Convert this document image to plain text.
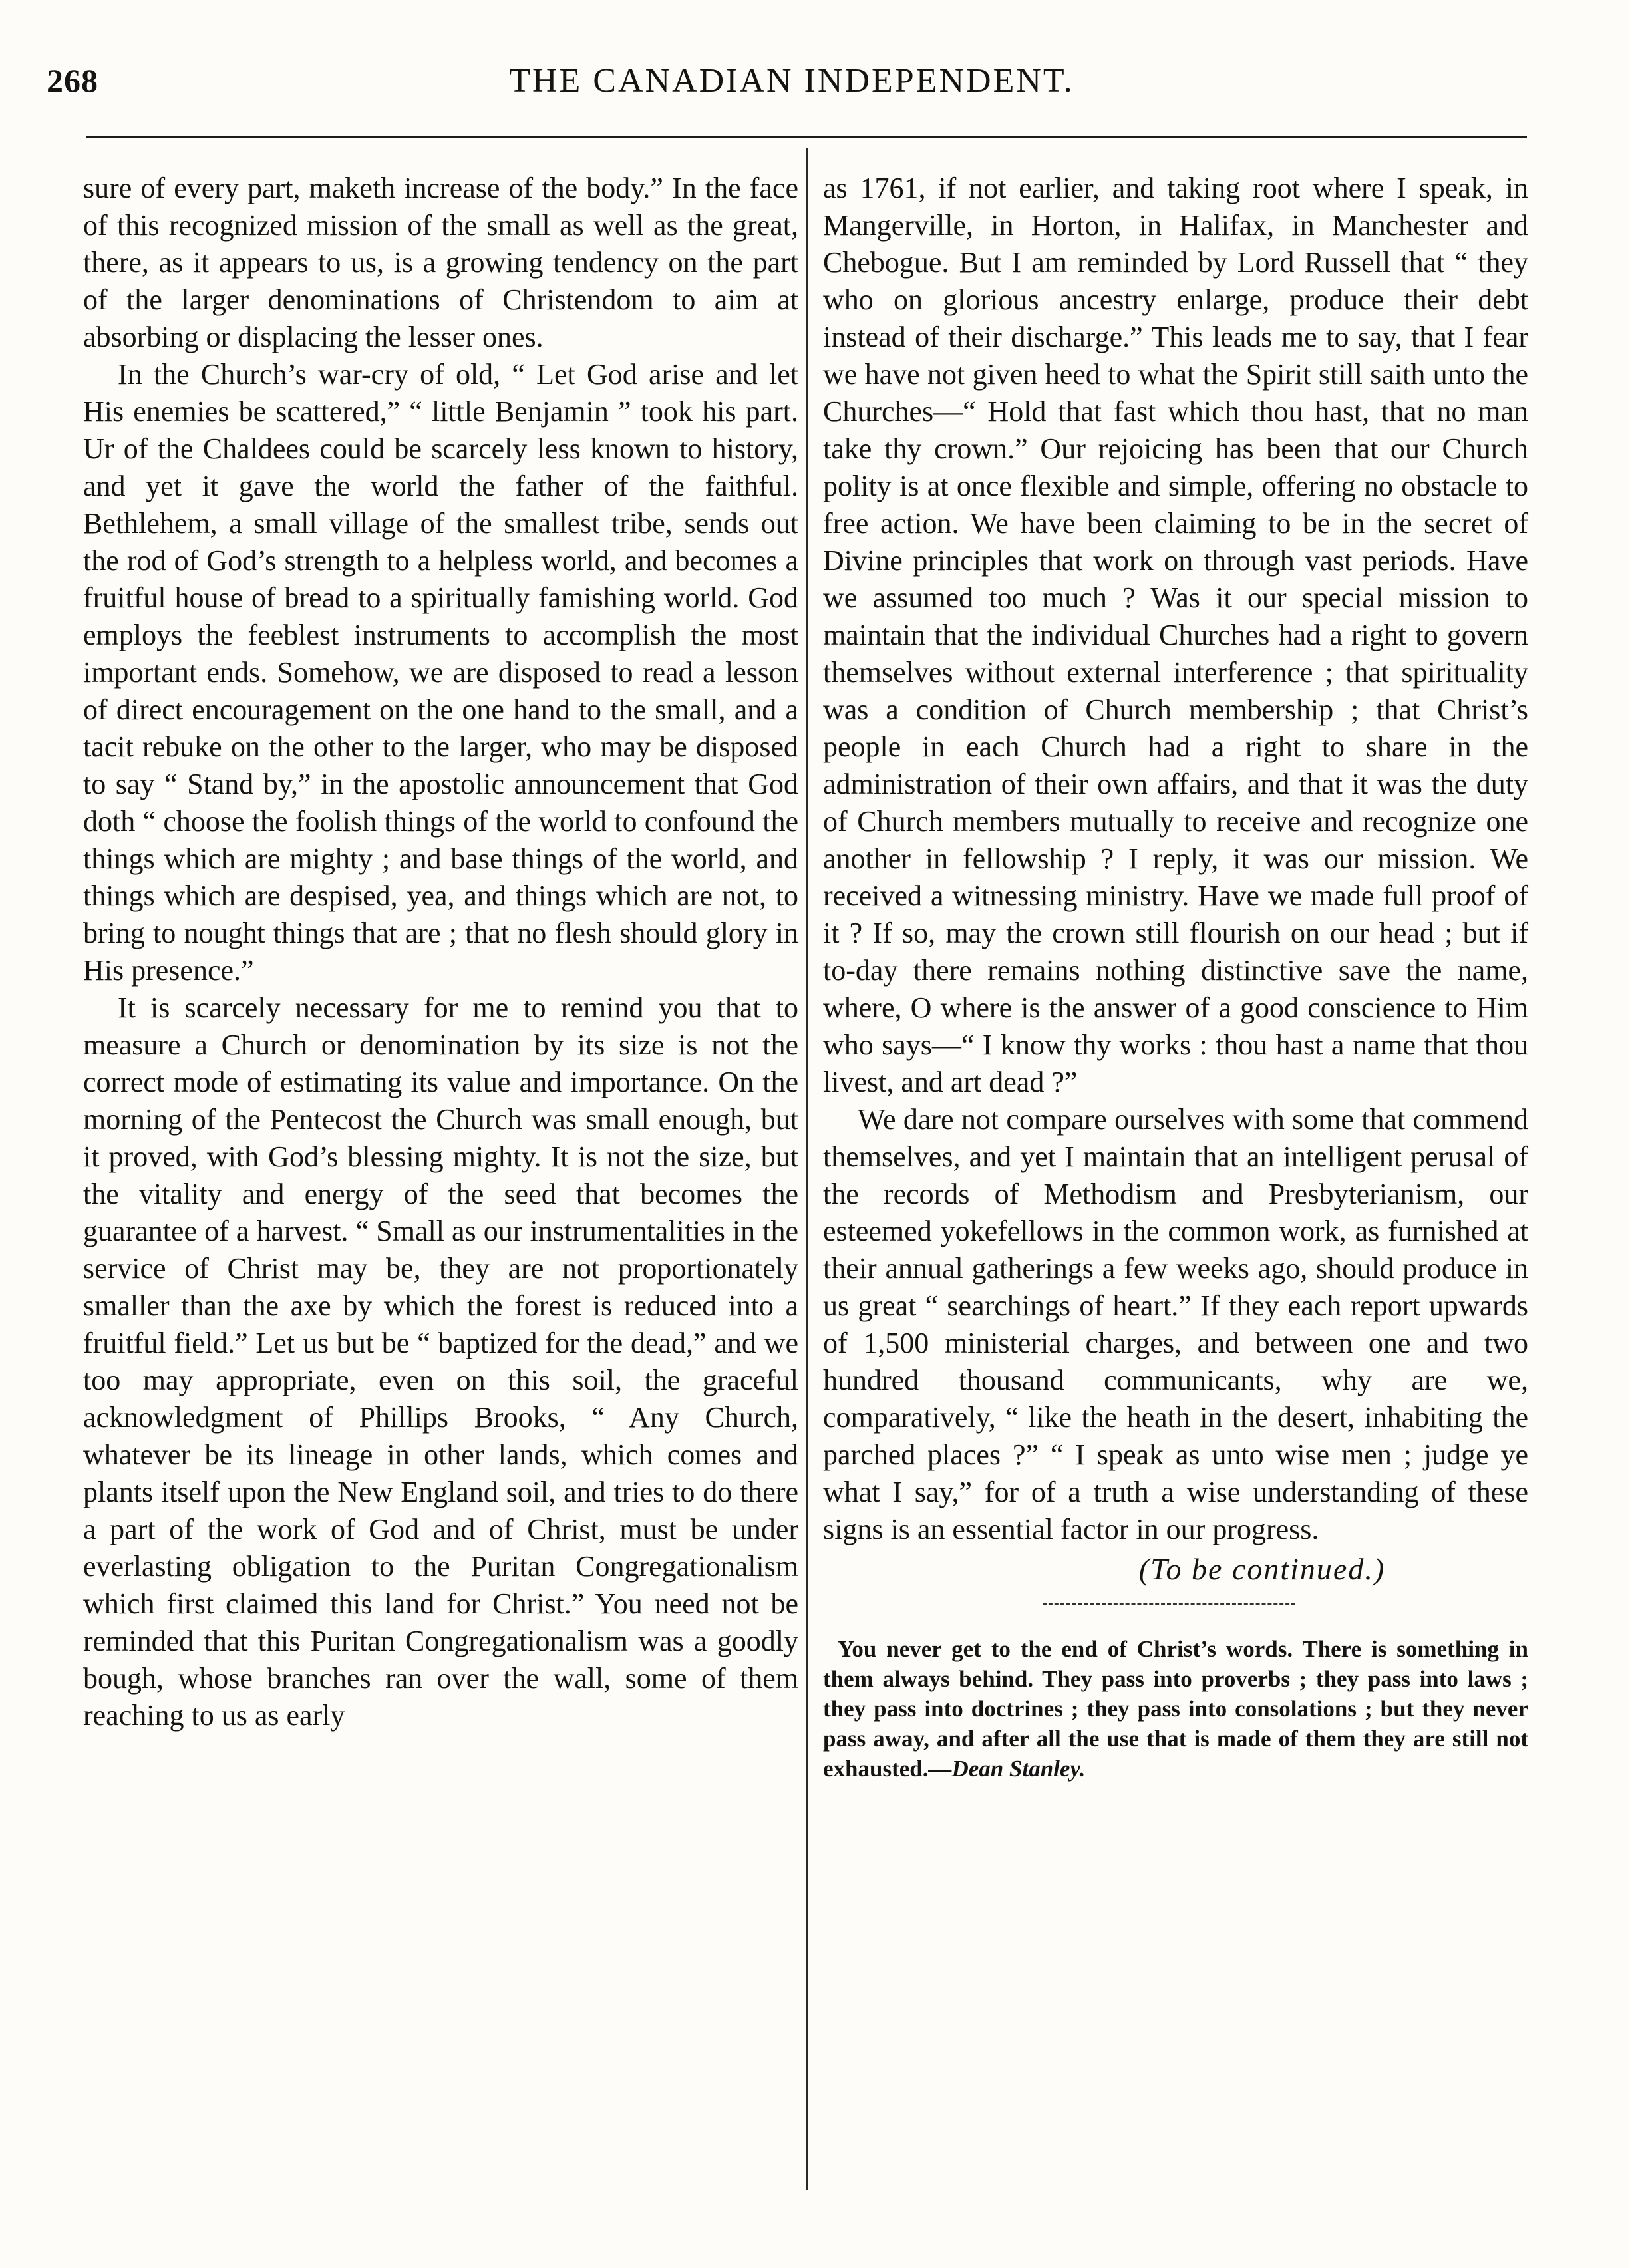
268	THE CANADIAN INDEPENDENT.

sure of every part, maketh increase of the body.” In the face of this recognized mission of the small as well as the great, there, as it appears to us, is a growing tendency on the part of the larger denominations of Christendom to aim at absorbing or displacing the lesser ones.

In the Church’s war-cry of old, “ Let God arise and let His enemies be scattered,” “ little Benjamin ” took his part. Ur of the Chaldees could be scarcely less known to history, and yet it gave the world the father of the faithful. Bethlehem, a small village of the smallest tribe, sends out the rod of God’s strength to a helpless world, and becomes a fruitful house of bread to a spiritually famishing world. God employs the feeblest instruments to accomplish the most important ends. Somehow, we are disposed to read a lesson of direct encouragement on the one hand to the small, and a tacit rebuke on the other to the larger, who may be disposed to say “ Stand by,” in the apostolic announcement that God doth “ choose the foolish things of the world to confound the things which are mighty ; and base things of the world, and things which are despised, yea, and things which are not, to bring to nought things that are ; that no flesh should glory in His presence.”

It is scarcely necessary for me to remind you that to measure a Church or denomination by its size is not the correct mode of estimating its value and importance. On the morning of the Pentecost the Church was small enough, but it proved, with God’s blessing mighty. It is not the size, but the vitality and energy of the seed that becomes the guarantee of a harvest. “ Small as our instrumentalities in the service of Christ may be, they are not proportionately smaller than the axe by which the forest is reduced into a fruitful field.” Let us but be “ baptized for the dead,” and we too may appropriate, even on this soil, the graceful acknowledgment of Phillips Brooks, “ Any Church, whatever be its lineage in other lands, which comes and plants itself upon the New England soil, and tries to do there a part of the work of God and of Christ, must be under everlasting obligation to the Puritan Congregationalism which first claimed this land for Christ.” You need not be reminded that this Puritan Congregationalism was a goodly bough, whose branches ran over the wall, some of them reaching to us as early

as 1761, if not earlier, and taking root where I speak, in Mangerville, in Horton, in Halifax, in Manchester and Chebogue. But I am reminded by Lord Russell that “ they who on glorious ancestry enlarge, produce their debt instead of their discharge.” This leads me to say, that I fear we have not given heed to what the Spirit still saith unto the Churches—“ Hold that fast which thou hast, that no man take thy crown.” Our rejoicing has been that our Church polity is at once flexible and simple, offering no obstacle to free action. We have been claiming to be in the secret of Divine principles that work on through vast periods. Have we assumed too much ? Was it our special mission to maintain that the individual Churches had a right to govern themselves without external interference ; that spirituality was a condition of Church membership ; that Christ’s people in each Church had a right to share in the administration of their own affairs, and that it was the duty of Church members mutually to receive and recognize one another in fellowship ? I reply, it was our mission. We received a witnessing ministry. Have we made full proof of it ? If so, may the crown still flourish on our head ; but if to-day there remains nothing distinctive save the name, where, O where is the answer of a good conscience to Him who says—“ I know thy works : thou hast a name that thou livest, and art dead ?”

We dare not compare ourselves with some that commend themselves, and yet I maintain that an intelligent perusal of the records of Methodism and Presbyterianism, our esteemed yokefellows in the common work, as furnished at their annual gatherings a few weeks ago, should produce in us great “ searchings of heart.” If they each report upwards of 1,500 ministerial charges, and between one and two hundred thousand communicants, why are we, comparatively, “ like the heath in the desert, inhabiting the parched places ?” “ I speak as unto wise men ; judge ye what I say,” for of a truth a wise understanding of these signs is an essential factor in our progress.

(To be continued.)
You never get to the end of Christ’s words. There is something in them always behind. They pass into proverbs ; they pass into laws ; they pass into doctrines ; they pass into consolations ; but they never pass away, and after all the use that is made of them they are still not exhausted.—Dean Stanley.
